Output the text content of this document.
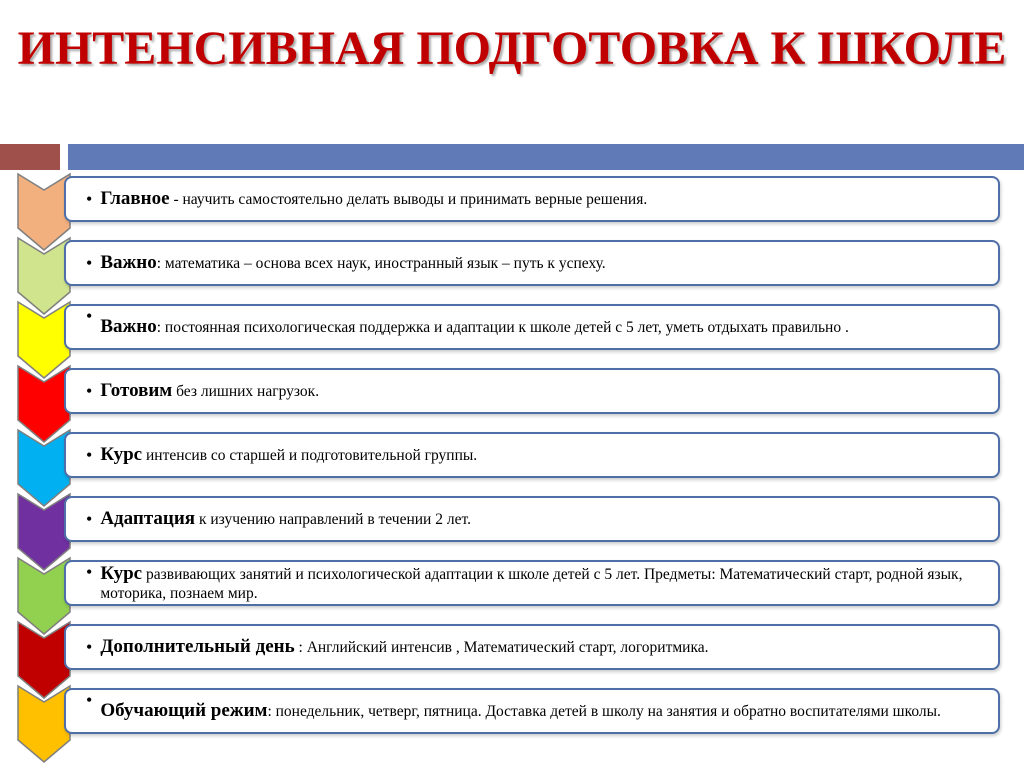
ИНТЕНСИВНАЯ ПОДГОТОВКА К ШКОЛЕ
• Главное - научить самостоятельно делать выводы и принимать верные решения.
• Важно: математика – основа всех наук, иностранный язык – путь к успеху.
• Важно: постоянная психологическая поддержка и адаптации к школе детей с 5 лет, уметь отдыхать правильно .
• Готовим без лишних нагрузок.
• Курс интенсив со старшей и подготовительной группы.
• Адаптация к изучению направлений в течении 2 лет.
• Курс развивающих занятий и психологической адаптации к школе детей с 5 лет. Предметы: Математический старт, родной язык, моторика, познаем мир.
• Дополнительный день : Английский интенсив , Математический старт, логоритмика.
• Обучающий режим: понедельник, четверг, пятница. Доставка детей в школу на занятия и обратно воспитателями школы.
